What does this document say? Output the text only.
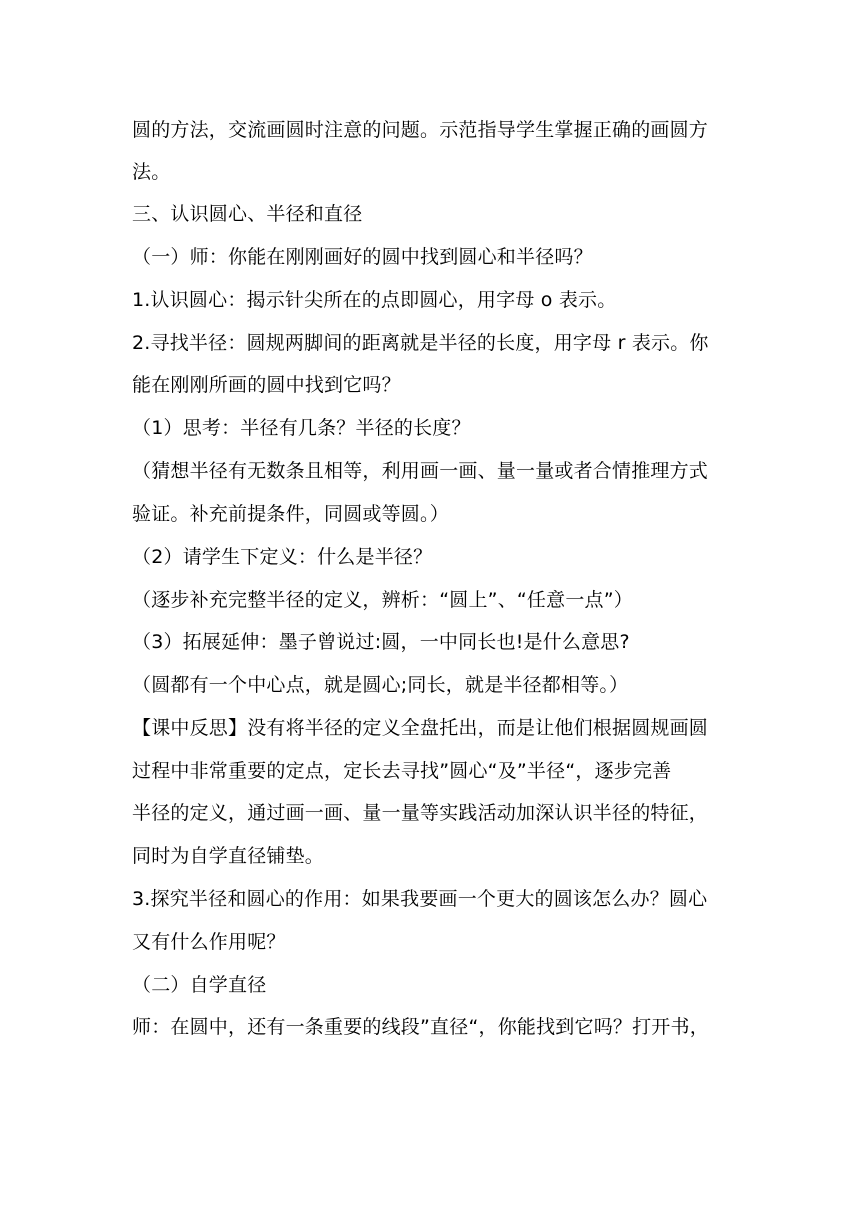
圆的方法，交流画圆时注意的问题。示范指导学生掌握正确的画圆方
法。
三、认识圆心、半径和直径
（一）师：你能在刚刚画好的圆中找到圆心和半径吗？
1.认识圆心：揭示针尖所在的点即圆心，用字母 o 表示。
2.寻找半径：圆规两脚间的距离就是半径的长度，用字母 r 表示。你
能在刚刚所画的圆中找到它吗？
（1）思考：半径有几条？半径的长度？
（猜想半径有无数条且相等，利用画一画、量一量或者合情推理方式
验证。补充前提条件，同圆或等圆。）
（2）请学生下定义：什么是半径？
（逐步补充完整半径的定义，辨析：“圆上”、“任意一点”）
（3）拓展延伸：墨子曾说过:圆，一中同长也!是什么意思?
（圆都有一个中心点，就是圆心;同长，就是半径都相等。）
【课中反思】没有将半径的定义全盘托出，而是让他们根据圆规画圆
过程中非常重要的定点，定长去寻找”圆心“及”半径“，逐步完善
半径的定义，通过画一画、量一量等实践活动加深认识半径的特征，
同时为自学直径铺垫。
3.探究半径和圆心的作用：如果我要画一个更大的圆该怎么办？圆心
又有什么作用呢？
（二）自学直径
师：在圆中，还有一条重要的线段”直径“，你能找到它吗？打开书，
